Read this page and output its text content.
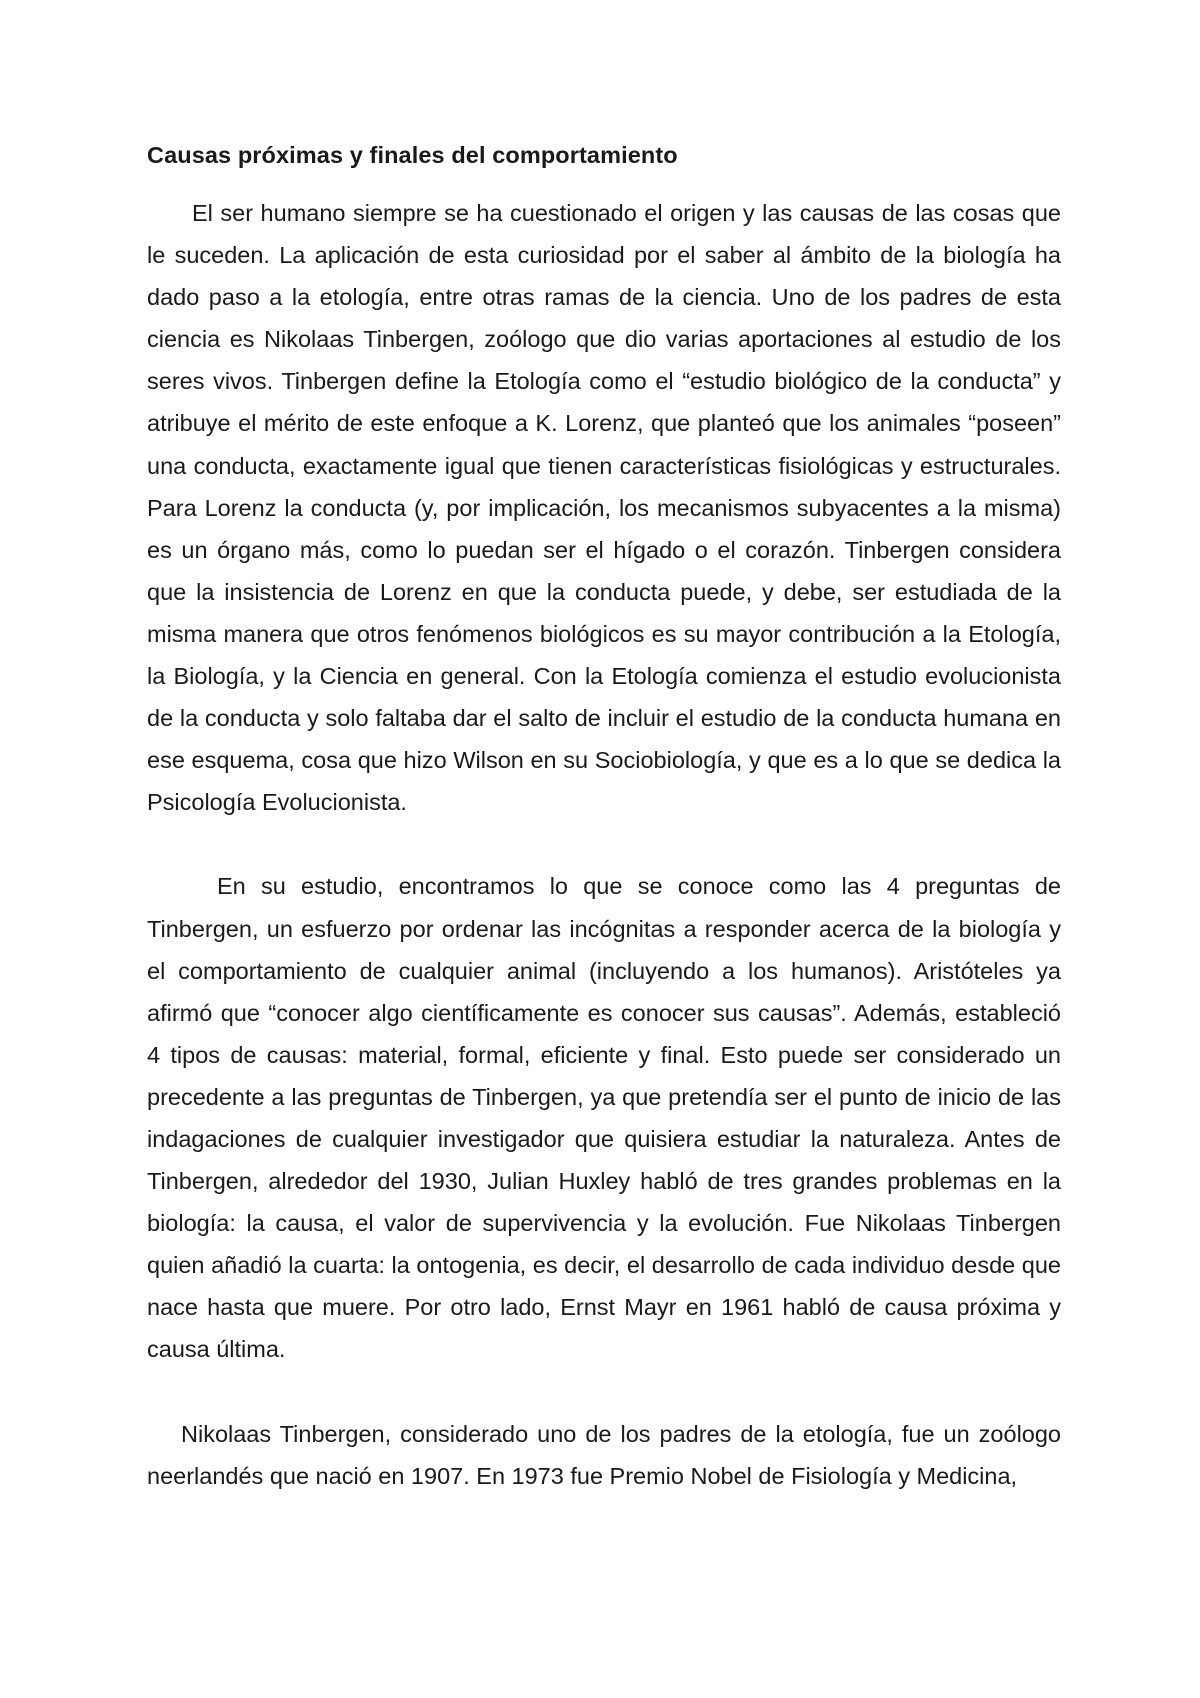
Causas próximas y finales del comportamiento

El ser humano siempre se ha cuestionado el origen y las causas de las cosas que le suceden. La aplicación de esta curiosidad por el saber al ámbito de la biología ha dado paso a la etología, entre otras ramas de la ciencia. Uno de los padres de esta ciencia es Nikolaas Tinbergen, zoólogo que dio varias aportaciones al estudio de los seres vivos. Tinbergen define la Etología como el “estudio biológico de la conducta” y atribuye el mérito de este enfoque a K. Lorenz, que planteó que los animales “poseen” una conducta, exactamente igual que tienen características fisiológicas y estructurales. Para Lorenz la conducta (y, por implicación, los mecanismos subyacentes a la misma) es un órgano más, como lo puedan ser el hígado o el corazón. Tinbergen considera que la insistencia de Lorenz en que la conducta puede, y debe, ser estudiada de la misma manera que otros fenómenos biológicos es su mayor contribución a la Etología, la Biología, y la Ciencia en general. Con la Etología comienza el estudio evolucionista de la conducta y solo faltaba dar el salto de incluir el estudio de la conducta humana en ese esquema, cosa que hizo Wilson en su Sociobiología, y que es a lo que se dedica la Psicología Evolucionista.

En su estudio, encontramos lo que se conoce como las 4 preguntas de Tinbergen, un esfuerzo por ordenar las incógnitas a responder acerca de la biología y el comportamiento de cualquier animal (incluyendo a los humanos). Aristóteles ya afirmó que “conocer algo científicamente es conocer sus causas”. Además, estableció 4 tipos de causas: material, formal, eficiente y final. Esto puede ser considerado un precedente a las preguntas de Tinbergen, ya que pretendía ser el punto de inicio de las indagaciones de cualquier investigador que quisiera estudiar la naturaleza. Antes de Tinbergen, alrededor del 1930, Julian Huxley habló de tres grandes problemas en la biología: la causa, el valor de supervivencia y la evolución. Fue Nikolaas Tinbergen quien añadió la cuarta: la ontogenia, es decir, el desarrollo de cada individuo desde que nace hasta que muere. Por otro lado, Ernst Mayr en 1961 habló de causa próxima y causa última.

Nikolaas Tinbergen, considerado uno de los padres de la etología, fue un zoólogo neerlandés que nació en 1907. En 1973 fue Premio Nobel de Fisiología y Medicina,
